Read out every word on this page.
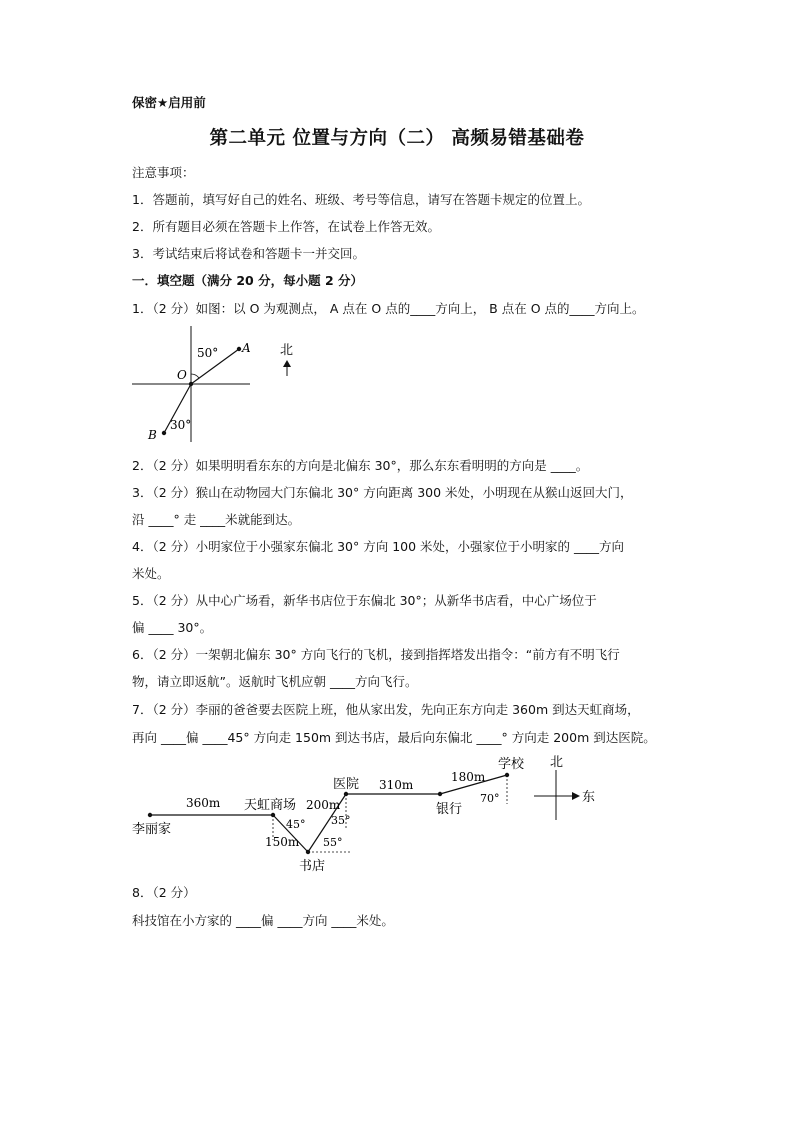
保密★启用前
第二单元 位置与方向（二） 高频易错基础卷
注意事项：
1．答题前，填写好自己的姓名、班级、考号等信息，请写在答题卡规定的位置上。
2．所有题目必须在答题卡上作答，在试卷上作答无效。
3．考试结束后将试卷和答题卡一并交回。
一．填空题（满分 20 分，每小题 2 分）
1．（2 分）如图：以 O 为观测点， A 点在 O 点的____方向上， B 点在 O 点的____方向上。
50° A
O
30°
B
北
2．（2 分）如果明明看东东的方向是北偏东 30°，那么东东看明明的方向是 ____。
3．（2 分）猴山在动物园大门东偏北 30° 方向距离 300 米处，小明现在从猴山返回大门，
沿 ____° 走 ____米就能到达。
4．（2 分）小明家位于小强家东偏北 30° 方向 100 米处，小强家位于小明家的 ____方向
米处。
5．（2 分）从中心广场看，新华书店位于东偏北 30°；从新华书店看，中心广场位于
偏 ____ 30°。
6．（2 分）一架朝北偏东 30° 方向飞行的飞机，接到指挥塔发出指令：“前方有不明飞行
物，请立即返航”。返航时飞机应朝 ____方向飞行。
7．（2 分）李丽的爸爸要去医院上班，他从家出发，先向正东方向走 360m 到达天虹商场，
再向 ____偏 ____45° 方向走 150m 到达书店，最后向东偏北 ____° 方向走 200m 到达医院。
李丽家
天虹商场
书店
医院
银行
学校
360m
150m
200m
310m
180m
45° 35°
55°
70°
北
东
8．（2 分）
科技馆在小方家的 ____偏 ____方向 ____米处。
